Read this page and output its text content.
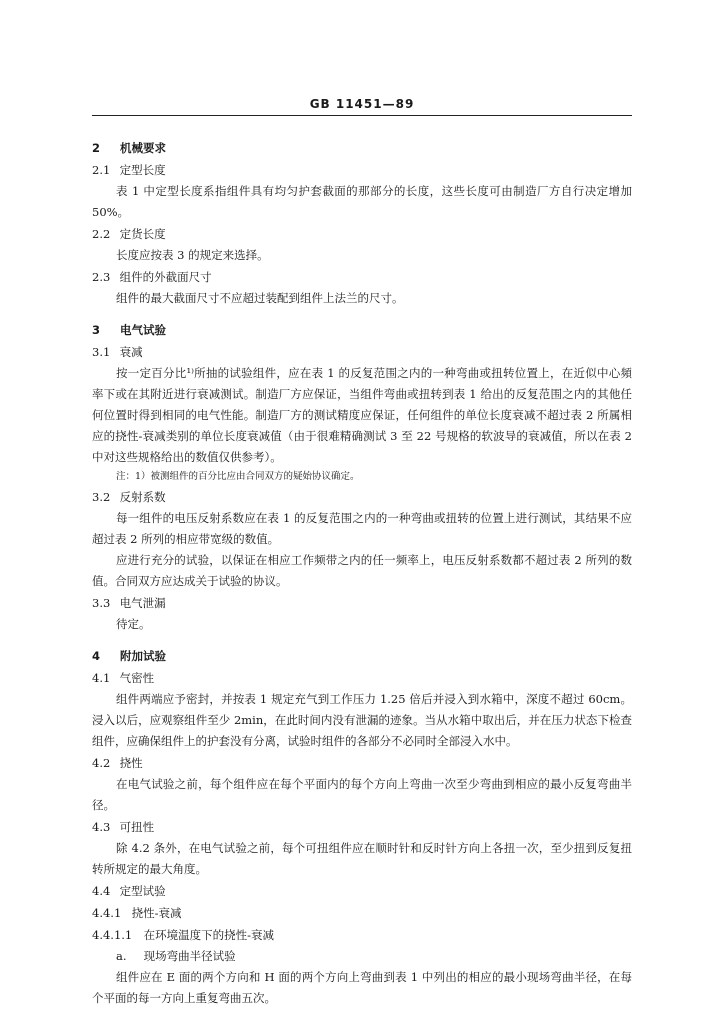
GB 11451—89
2 机械要求
2.1 定型长度
表 1 中定型长度系指组件具有均匀护套截面的那部分的长度，这些长度可由制造厂方自行决定增加 50%。
2.2 定货长度
长度应按表 3 的规定来选择。
2.3 组件的外截面尺寸
组件的最大截面尺寸不应超过装配到组件上法兰的尺寸。
3 电气试验
3.1 衰减
按一定百分比¹⁾所抽的试验组件，应在表 1 的反复范围之内的一种弯曲或扭转位置上，在近似中心頻率下或在其附近进行衰减测试。制造厂方应保证，当组件弯曲或扭转到表 1 给出的反复范围之内的其他任何位置时得到相同的电气性能。制造厂方的测试精度应保证，任何组件的单位长度衰减不超过表 2 所属相应的挠性-衰减类别的单位长度衰减值（由于很难精确测试 3 至 22 号规格的软波导的衰减值，所以在表 2 中对这些规格给出的数值仅供参考）。
注：1）被测组件的百分比应由合同双方的疑始协议确定。
3.2 反射系数
每一组件的电压反射系数应在表 1 的反复范围之内的一种弯曲或扭转的位置上进行测试，其结果不应超过表 2 所列的相应带宽级的数值。
应进行充分的试验，以保证在相应工作频带之内的任一频率上，电压反射系数都不超过表 2 所列的数值。合同双方应达成关于试验的协议。
3.3 电气泄漏
待定。
4 附加试验
4.1 气密性
组件两端应予密封，并按表 1 规定充气到工作压力 1.25 倍后并浸入到水箱中，深度不超过 60cm。浸入以后，应观察组件至少 2min，在此时间内没有泄漏的迹象。当从水箱中取出后，并在压力状态下检查组件，应确保组件上的护套没有分离，试验时组件的各部分不必同时全部浸入水中。
4.2 挠性
在电气试验之前，每个组件应在每个平面内的每个方向上弯曲一次至少弯曲到相应的最小反复弯曲半径。
4.3 可扭性
除 4.2 条外，在电气试验之前，每个可扭组件应在顺时针和反时针方向上各扭一次，至少扭到反复扭转所规定的最大角度。
4.4 定型试验
4.4.1 挠性-衰减
4.4.1.1 在环境温度下的挠性-衰减
a. 现场弯曲半径试验
组件应在 E 面的两个方向和 H 面的两个方向上弯曲到表 1 中列出的相应的最小现场弯曲半径，在每个平面的每一方向上重复弯曲五次。
